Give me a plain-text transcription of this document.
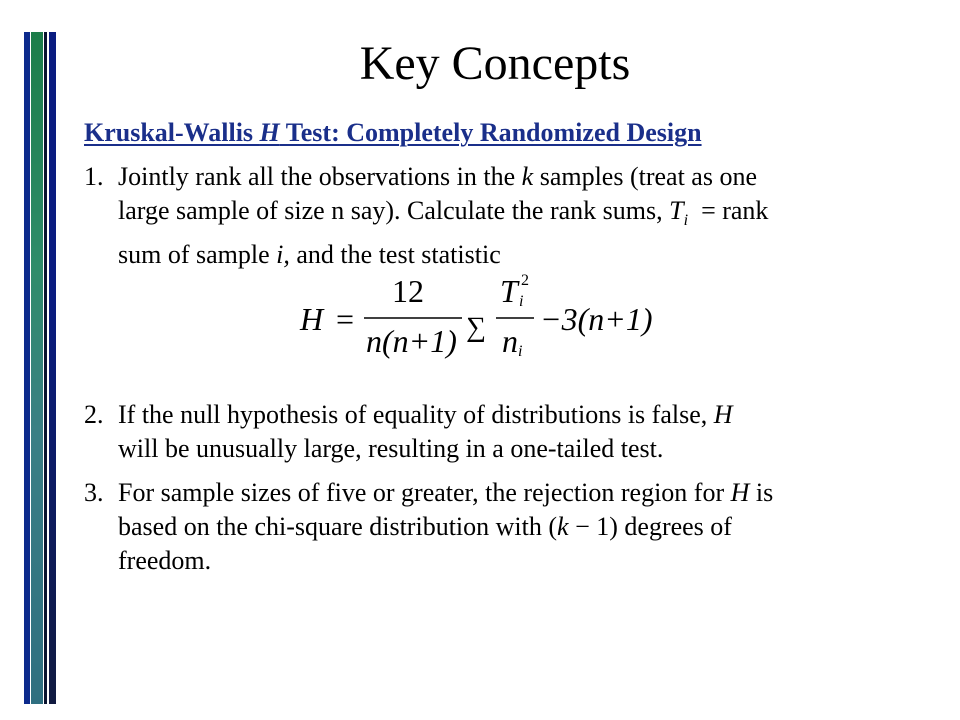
Key Concepts
Kruskal-Wallis H Test: Completely Randomized Design
1. Jointly rank all the observations in the k samples (treat as one
large sample of size n say). Calculate the rank sums, $T_i$ = rank
sum of sample i, and the test statistic
H =
12
n(n+1) ∑
T i
2
n i
−3(n+1)
2. If the null hypothesis of equality of distributions is false, H
will be unusually large, resulting in a one-tailed test.
3. For sample sizes of five or greater, the rejection region for H is
based on the chi-square distribution with (k − 1) degrees of
freedom.
